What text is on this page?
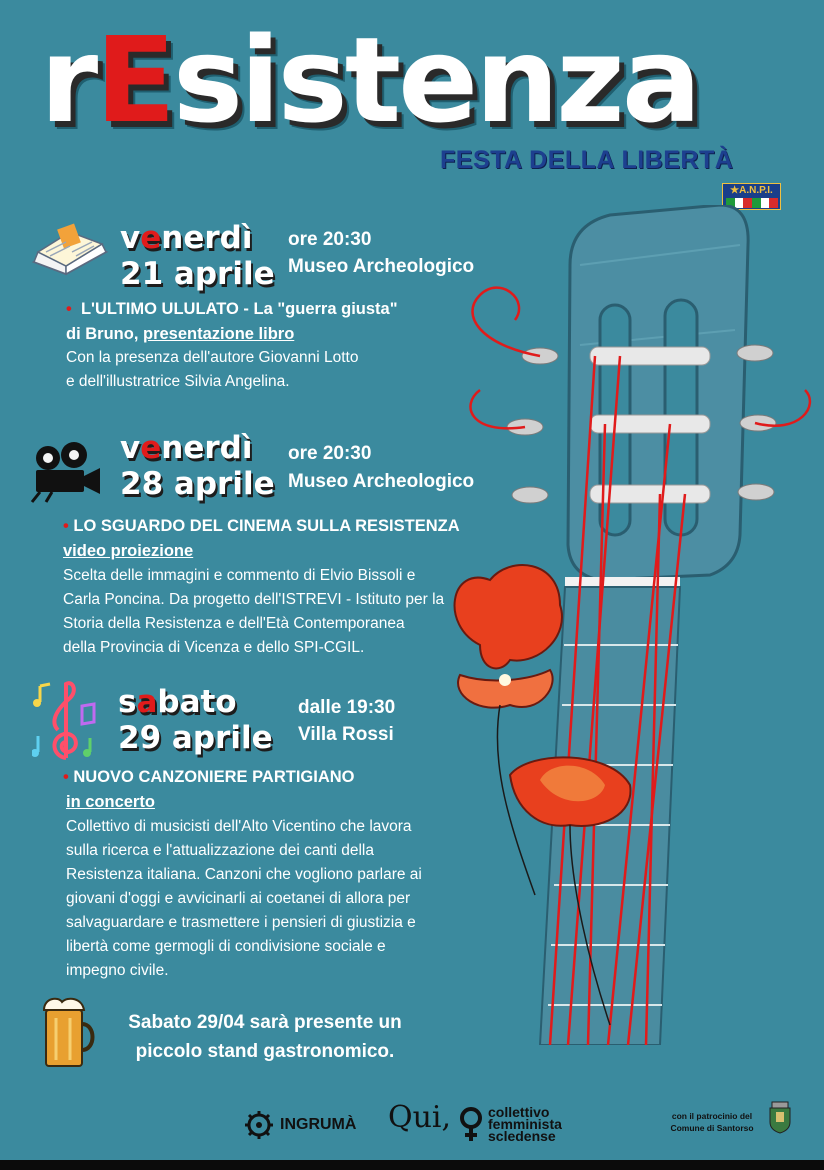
rEsistenza
FESTA DELLA LIBERTÀ
★A.N.P.I.
venerdì
21 aprile
ore 20:30
Museo Archeologico
• L'ULTIMO ULULATO - La "guerra giusta"
di Bruno, presentazione libro
Con la presenza dell'autore Giovanni Lotto
e dell'illustratrice Silvia Angelina.
venerdì
28 aprile
ore 20:30
Museo Archeologico
• LO SGUARDO DEL CINEMA SULLA RESISTENZA
video proiezione
Scelta delle immagini e commento di Elvio Bissoli e
Carla Poncina. Da progetto dell'ISTREVI - Istituto per la
Storia della Resistenza e dell'Età Contemporanea
della Provincia di Vicenza e dello SPI-CGIL.
sabato
29 aprile
dalle 19:30
Villa Rossi
• NUOVO CANZONIERE PARTIGIANO
in concerto
Collettivo di musicisti dell'Alto Vicentino che lavora
sulla ricerca e l'attualizzazione dei canti della
Resistenza italiana. Canzoni che vogliono parlare ai
giovani d'oggi e avvicinarli ai coetanei di allora per
salvaguardare e trasmettere i pensieri di giustizia e
libertà come germogli di condivisione sociale e
impegno civile.
Sabato 29/04 sarà presente un
piccolo stand gastronomico.
INGRUMÀ Qui,	collettivo
femminista
scledense
con il patrocinio del
Comune di Santorso
